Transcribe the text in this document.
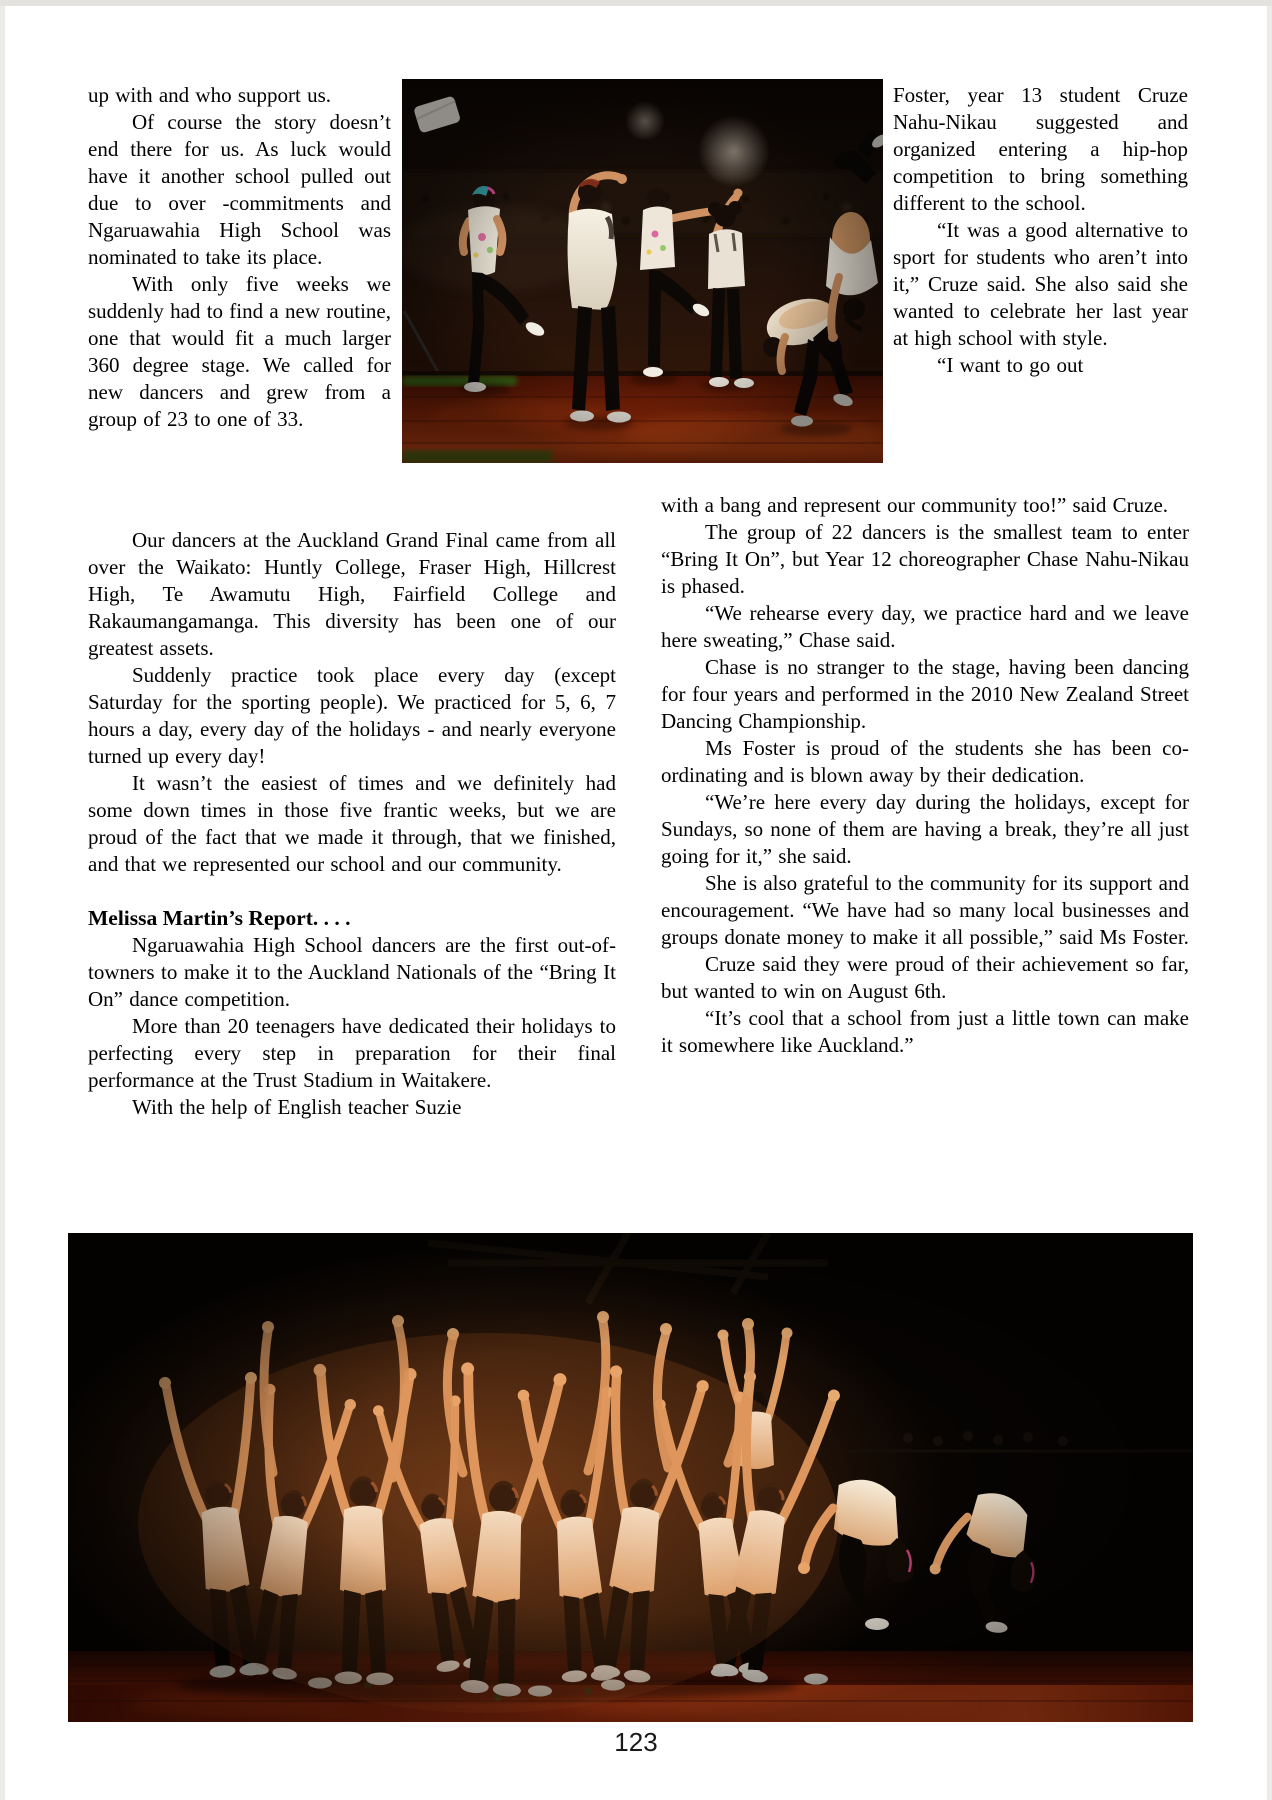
up with and who support us.

Of course the story doesn’t end there for us. As luck would have it another school pulled out due to over -commitments and Ngaruawahia High School was nominated to take its place.

With only five weeks we suddenly had to find a new routine, one that would fit a much larger 360 degree stage. We called for new dancers and grew from a group of 23 to one of 33.

Foster, year 13 student Cruze Nahu-Nikau suggested and organized entering a hip-hop competition to bring something different to the school.

“It was a good alternative to sport for students who aren’t into it,” Cruze said. She also said she wanted to celebrate her last year at high school with style.

“I want to go out

Our dancers at the Auckland Grand Final came from all over the Waikato: Huntly College, Fraser High, Hillcrest High, Te Awamutu High, Fairfield College and Rakaumangamanga. This diversity has been one of our greatest assets.

Suddenly practice took place every day (except Saturday for the sporting people). We practiced for 5, 6, 7 hours a day, every day of the holidays - and nearly everyone turned up every day!

It wasn’t the easiest of times and we definitely had some down times in those five frantic weeks, but we are proud of the fact that we made it through, that we finished, and that we represented our school and our community.

Melissa Martin’s Report. . . .

Ngaruawahia High School dancers are the first out-of-towners to make it to the Auckland Nationals of the “Bring It On” dance competition.

More than 20 teenagers have dedicated their holidays to perfecting every step in preparation for their final performance at the Trust Stadium in Waitakere.

With the help of English teacher Suzie

with a bang and represent our community too!” said Cruze.

The group of 22 dancers is the smallest team to enter “Bring It On”, but Year 12 choreographer Chase Nahu-Nikau is phased.

“We rehearse every day, we practice hard and we leave here sweating,” Chase said.

Chase is no stranger to the stage, having been dancing for four years and performed in the 2010 New Zealand Street Dancing Championship.

Ms Foster is proud of the students she has been co-ordinating and is blown away by their dedication.

“We’re here every day during the holidays, except for Sundays, so none of them are having a break, they’re all just going for it,” she said.

She is also grateful to the community for its support and encouragement. “We have had so many local businesses and groups donate money to make it all possible,” said Ms Foster.

Cruze said they were proud of their achievement so far, but wanted to win on August 6th.

“It’s cool that a school from just a little town can make it somewhere like Auckland.”

123
